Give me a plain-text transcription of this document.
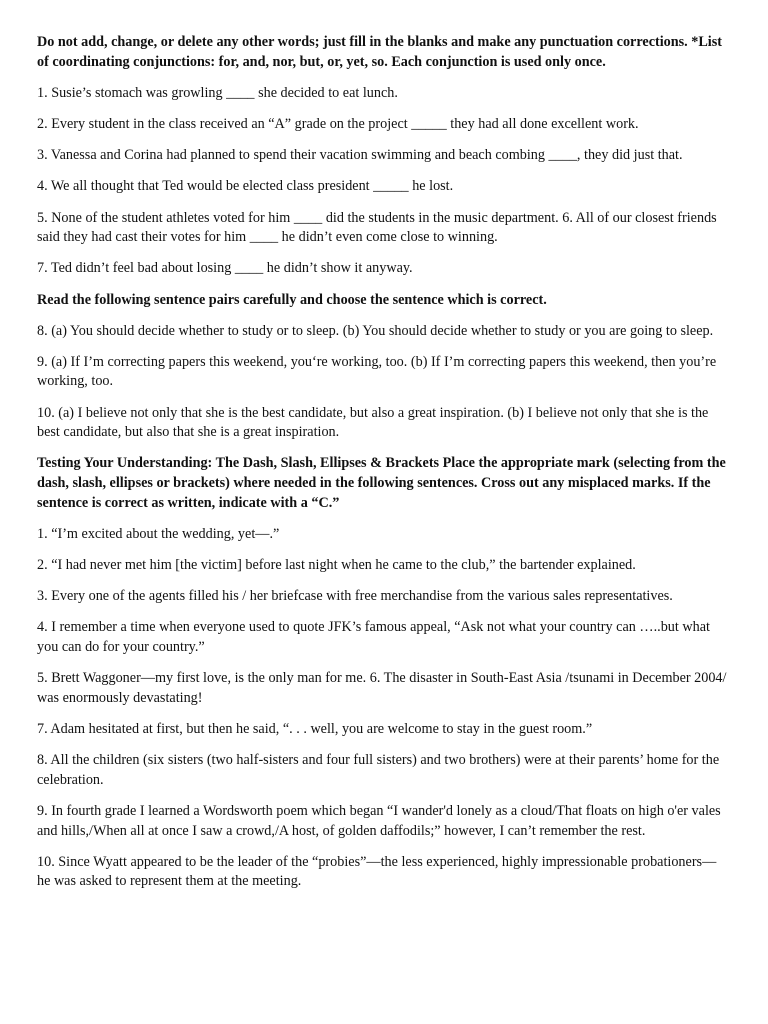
Do not add, change, or delete any other words; just fill in the blanks and make any punctuation corrections. *List of coordinating conjunctions: for, and, nor, but, or, yet, so. Each conjunction is used only once.

1. Susie’s stomach was growling ____ she decided to eat lunch.

2. Every student in the class received an “A” grade on the project _____ they had all done excellent work.

3. Vanessa and Corina had planned to spend their vacation swimming and beach combing ____, they did just that.

4. We all thought that Ted would be elected class president _____ he lost.

5. None of the student athletes voted for him ____ did the students in the music department. 6. All of our closest friends said they had cast their votes for him ____ he didn’t even come close to winning.

7. Ted didn’t feel bad about losing ____ he didn’t show it anyway.

Read the following sentence pairs carefully and choose the sentence which is correct.

8. (a) You should decide whether to study or to sleep. (b) You should decide whether to study or you are going to sleep.

9. (a) If I’m correcting papers this weekend, you‘re working, too. (b) If I’m correcting papers this weekend, then you’re working, too.

10. (a) I believe not only that she is the best candidate, but also a great inspiration. (b) I believe not only that she is the best candidate, but also that she is a great inspiration.

Testing Your Understanding: The Dash, Slash, Ellipses & Brackets Place the appropriate mark (selecting from the dash, slash, ellipses or brackets) where needed in the following sentences. Cross out any misplaced marks. If the sentence is correct as written, indicate with a “C.”

1. “I’m excited about the wedding, yet—.”

2. “I had never met him [the victim] before last night when he came to the club,” the bartender explained.

3. Every one of the agents filled his / her briefcase with free merchandise from the various sales representatives.

4. I remember a time when everyone used to quote JFK’s famous appeal, “Ask not what your country can …..but what you can do for your country.”

5. Brett Waggoner—my first love, is the only man for me. 6. The disaster in South-East Asia /tsunami in December 2004/ was enormously devastating!

7. Adam hesitated at first, but then he said, “. . . well, you are welcome to stay in the guest room.”

8. All the children (six sisters (two half-sisters and four full sisters) and two brothers) were at their parents’ home for the celebration.

9. In fourth grade I learned a Wordsworth poem which began “I wander'd lonely as a cloud/That floats on high o'er vales and hills,/When all at once I saw a crowd,/A host, of golden daffodils;” however, I can’t remember the rest.

10. Since Wyatt appeared to be the leader of the “probies”—the less experienced, highly impressionable probationers—he was asked to represent them at the meeting.
